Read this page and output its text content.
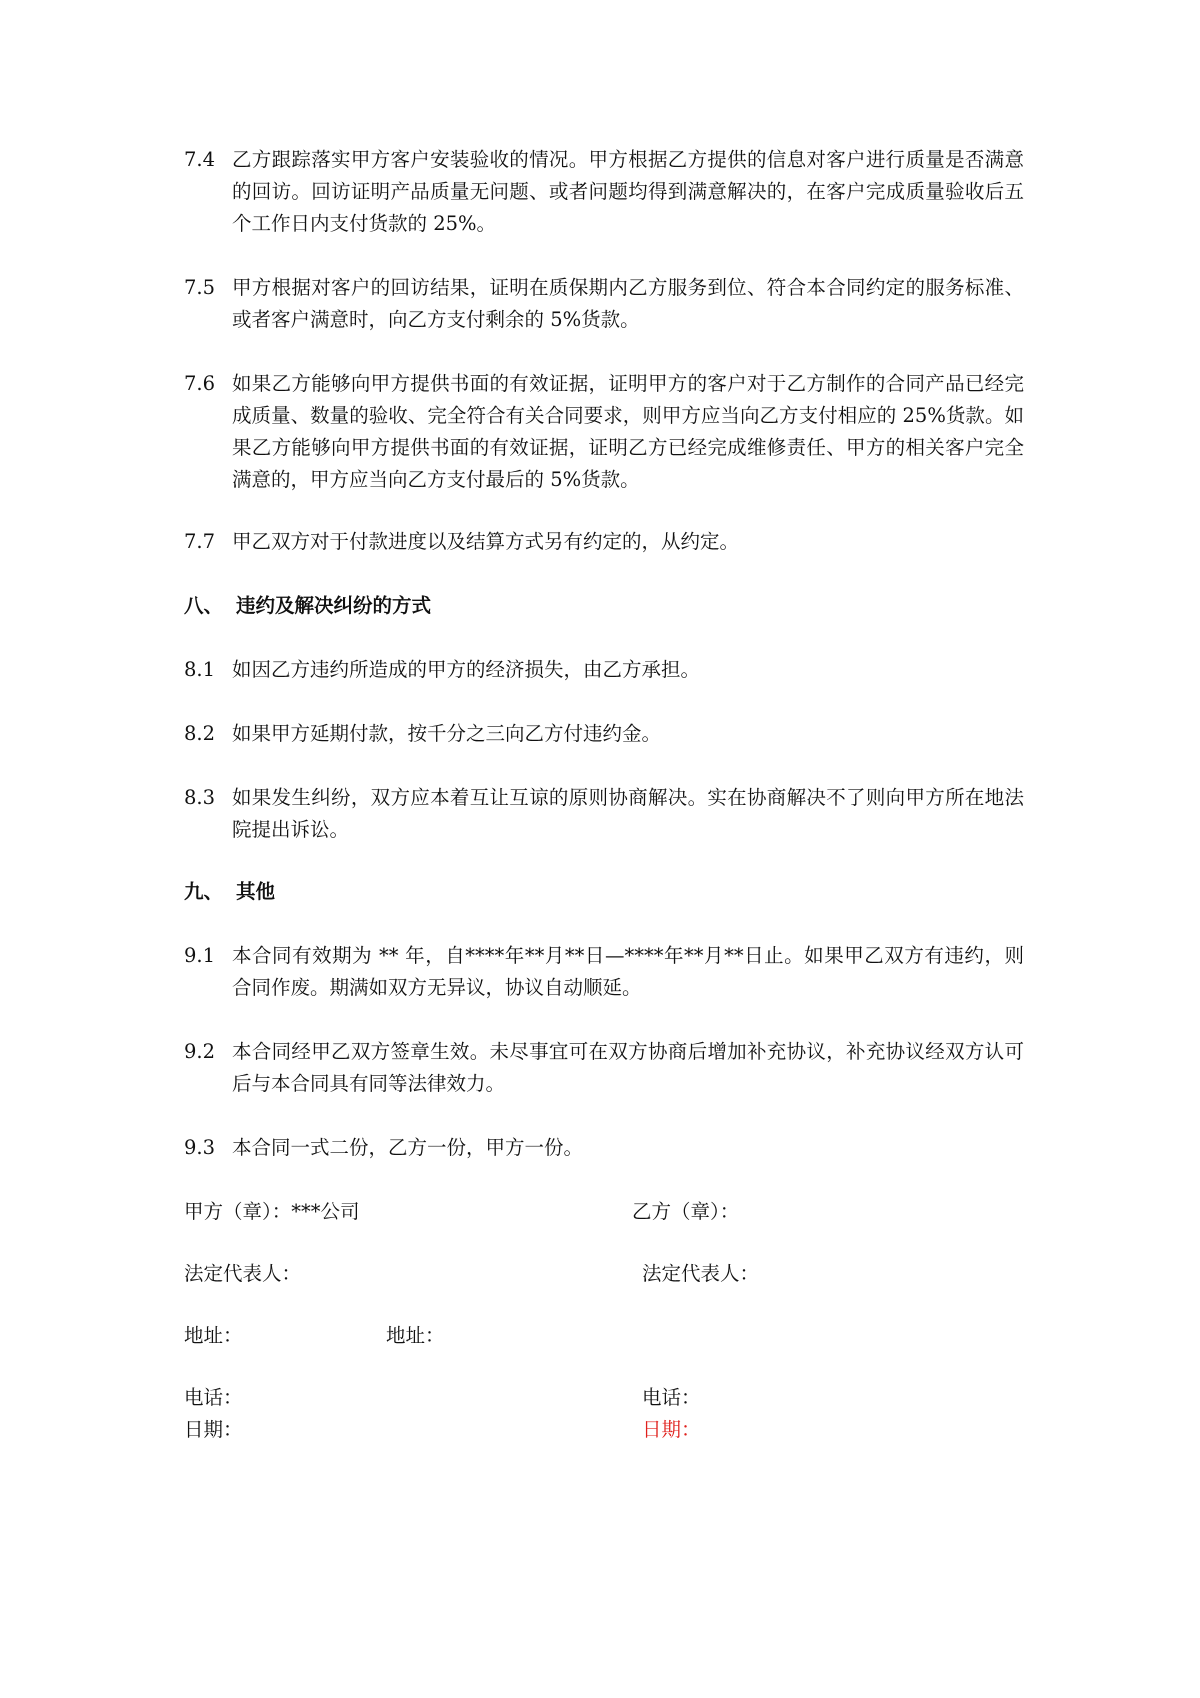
7.4 乙方跟踪落实甲方客户安装验收的情况。甲方根据乙方提供的信息对客户进行质量是否满意的回访。回访证明产品质量无问题、或者问题均得到满意解决的，在客户完成质量验收后五个工作日内支付货款的 25%。
7.5 甲方根据对客户的回访结果，证明在质保期内乙方服务到位、符合本合同约定的服务标准、或者客户满意时，向乙方支付剩余的 5%货款。
7.6 如果乙方能够向甲方提供书面的有效证据，证明甲方的客户对于乙方制作的合同产品已经完成质量、数量的验收、完全符合有关合同要求，则甲方应当向乙方支付相应的 25%货款。如果乙方能够向甲方提供书面的有效证据，证明乙方已经完成维修责任、甲方的相关客户完全满意的，甲方应当向乙方支付最后的 5%货款。
7.7 甲乙双方对于付款进度以及结算方式另有约定的，从约定。
八、 违约及解决纠纷的方式
8.1 如因乙方违约所造成的甲方的经济损失，由乙方承担。
8.2 如果甲方延期付款，按千分之三向乙方付违约金。
8.3 如果发生纠纷，双方应本着互让互谅的原则协商解决。实在协商解决不了则向甲方所在地法院提出诉讼。
九、 其他
9.1 本合同有效期为 ** 年，自****年**月**日—****年**月**日止。如果甲乙双方有违约，则合同作废。期满如双方无异议，协议自动顺延。
9.2 本合同经甲乙双方签章生效。未尽事宜可在双方协商后增加补充协议，补充协议经双方认可后与本合同具有同等法律效力。
9.3 本合同一式二份，乙方一份，甲方一份。
甲方（章）：***公司	乙方（章）：
法定代表人：	法定代表人：
地址：	地址：
电话：	电话：
日期：	日期：
